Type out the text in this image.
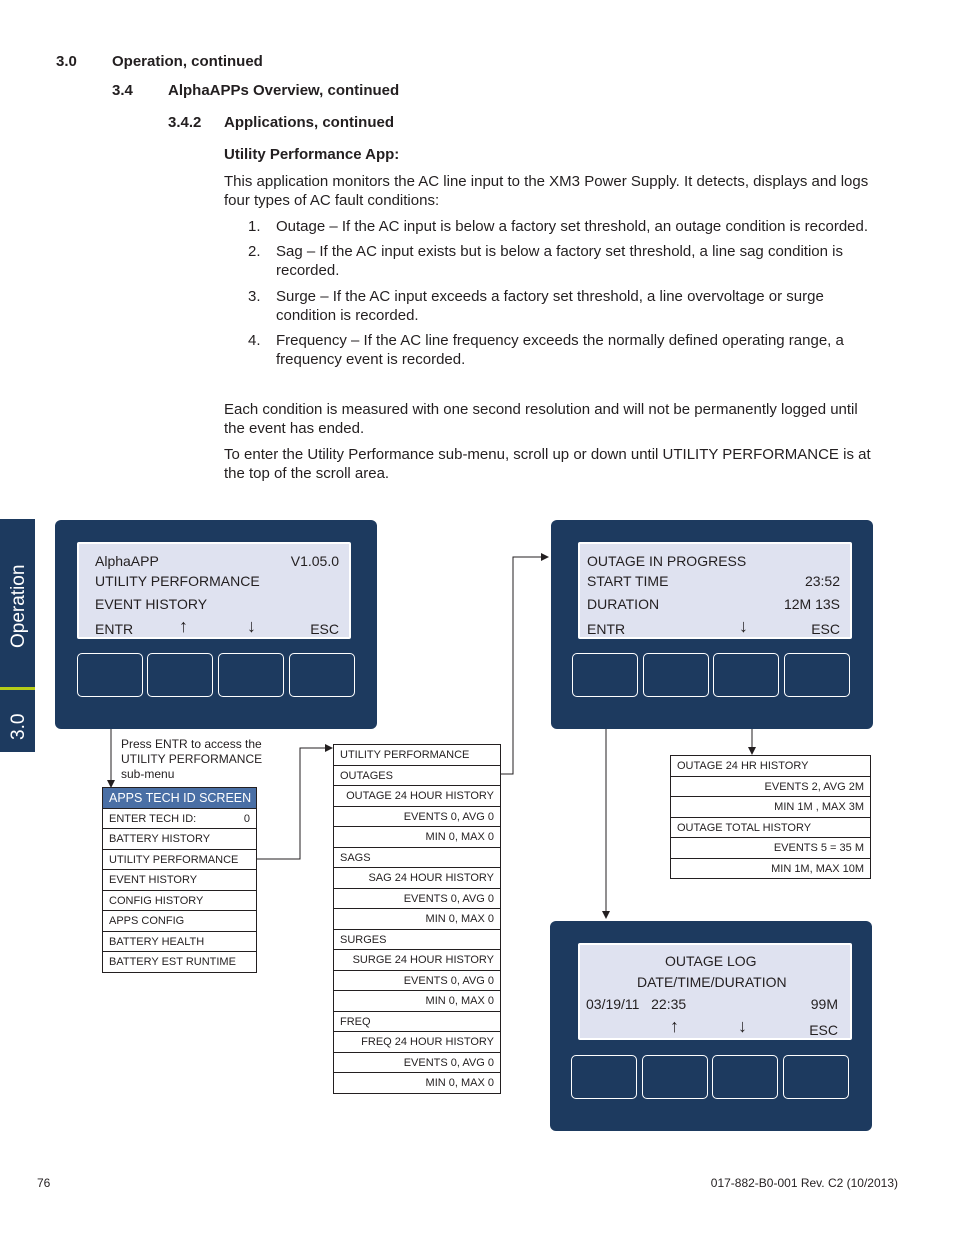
3.0 Operation, continued
3.4 AlphaAPPs Overview, continued
3.4.2 Applications, continued
Utility Performance App:
This application monitors the AC line input to the XM3 Power Supply. It detects, displays and logs four types of AC fault conditions:
1. Outage – If the AC input is below a factory set threshold, an outage condition is recorded.
2. Sag – If the AC input exists but is below a factory set threshold, a line sag condition is
recorded.
3. Surge – If the AC input exceeds a factory set threshold, a line overvoltage or surge
condition is recorded.
4. Frequency – If the AC line frequency exceeds the normally defined operating range, a
frequency event is recorded.
Each condition is measured with one second resolution and will not be permanently logged until
the event has ended.
To enter the Utility Performance sub-menu, scroll up or down until UTILITY PERFORMANCE is at
the top of the scroll area.
Operation
3.0
AlphaAPP	V1.05.0
UTILITY PERFORMANCE
EVENT HISTORY
ENTR	↑	↓	ESC
OUTAGE IN PROGRESS
START TIME	23:52
DURATION	12M 13S
ENTR	↓	ESC
OUTAGE LOG
DATE/TIME/DURATION
03/19/11   22:35	99M
↑	↓	ESC
Press ENTR to access the
UTILITY PERFORMANCE
sub-menu
APPS TECH ID SCREEN
ENTER TECH ID:	0
BATTERY HISTORY
UTILITY PERFORMANCE
EVENT HISTORY
CONFIG HISTORY
APPS CONFIG
BATTERY HEALTH
BATTERY EST RUNTIME
UTILITY PERFORMANCE
OUTAGES
OUTAGE 24 HOUR HISTORY
EVENTS 0, AVG 0
MIN 0, MAX 0
SAGS
SAG 24 HOUR HISTORY
EVENTS 0, AVG 0
MIN 0, MAX 0
SURGES
SURGE 24 HOUR HISTORY
EVENTS 0, AVG 0
MIN 0, MAX 0
FREQ
FREQ 24 HOUR HISTORY
EVENTS 0, AVG 0
MIN 0, MAX 0
OUTAGE 24 HR HISTORY
EVENTS 2, AVG 2M
MIN 1M , MAX 3M
OUTAGE TOTAL HISTORY
EVENTS 5 = 35 M
MIN 1M, MAX 10M
76	017-882-B0-001 Rev. C2 (10/2013)
